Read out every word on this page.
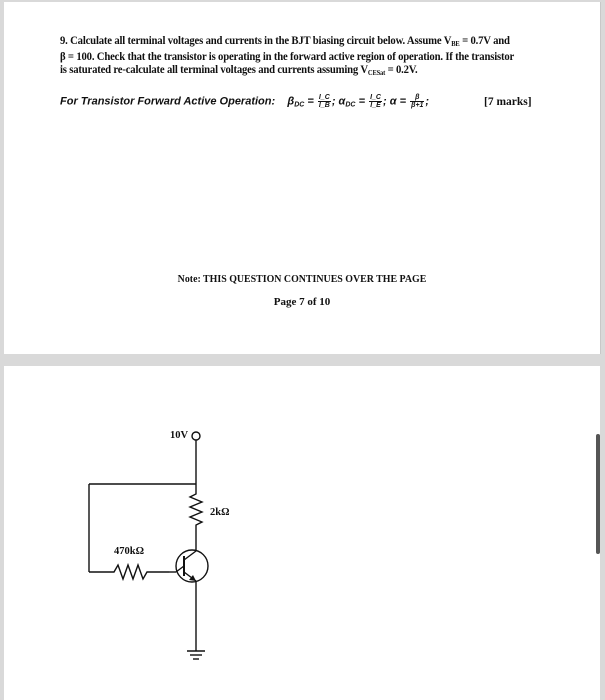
9. Calculate all terminal voltages and currents in the BJT biasing circuit below. Assume $V_{BE} = 0.7V$ and
β = 100. Check that the transistor is operating in the forward active region of operation. If the transistor
is saturated re-calculate all terminal voltages and currents assuming $V_{CESat} = 0.2V$.
For Transistor Forward Active Operation: $\beta_{DC} = \frac{I\_C}{I\_B}$ ; $\alpha_{DC} = \frac{I\_C}{I\_E}$ ; $\alpha = \frac{\beta}{\beta+1}$ ;	[7 marks]
Note: THIS QUESTION CONTINUES OVER THE PAGE
Page 7 of 10
10V
2kΩ
470kΩ
